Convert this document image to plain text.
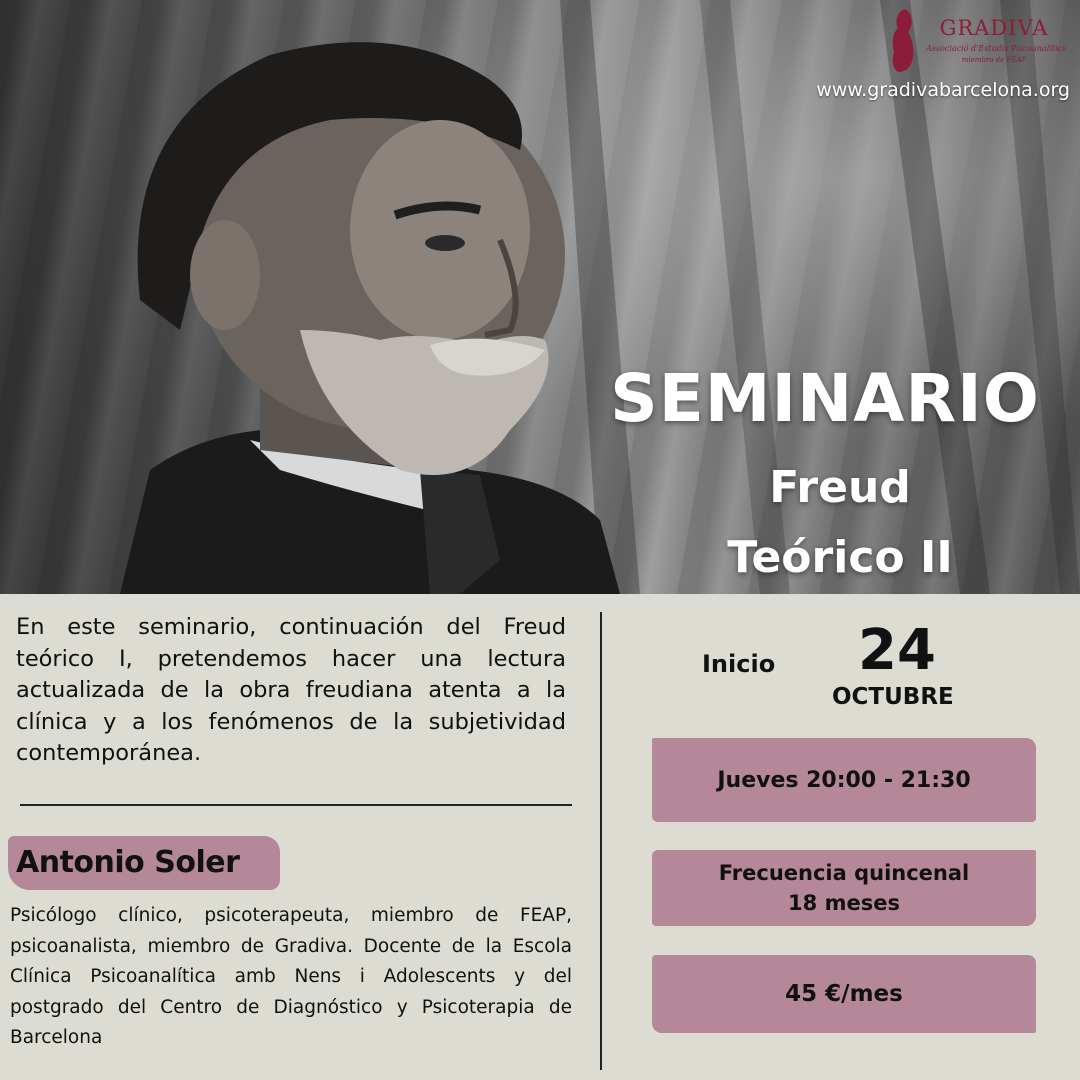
GRADIVA
Associació d'Estudis Psicoanalítics
miembro de FEAP
www.gradivabarcelona.org
SEMINARIO
Freud
Teórico II
En este seminario, continuación del Freud teórico I, pretendemos hacer una lectura actualizada de la obra freudiana atenta a la clínica y a los fenómenos de la subjetividad contemporánea.
Antonio Soler
Psicólogo clínico, psicoterapeuta, miembro de FEAP, psicoanalista, miembro de Gradiva. Docente de la Escola Clínica Psicoanalítica amb Nens i Adolescents y del postgrado del Centro de Diagnóstico y Psicoterapia de Barcelona
Inicio 24
OCTUBRE
Jueves 20:00 - 21:30
Frecuencia quincenal
18 meses
45 €/mes
